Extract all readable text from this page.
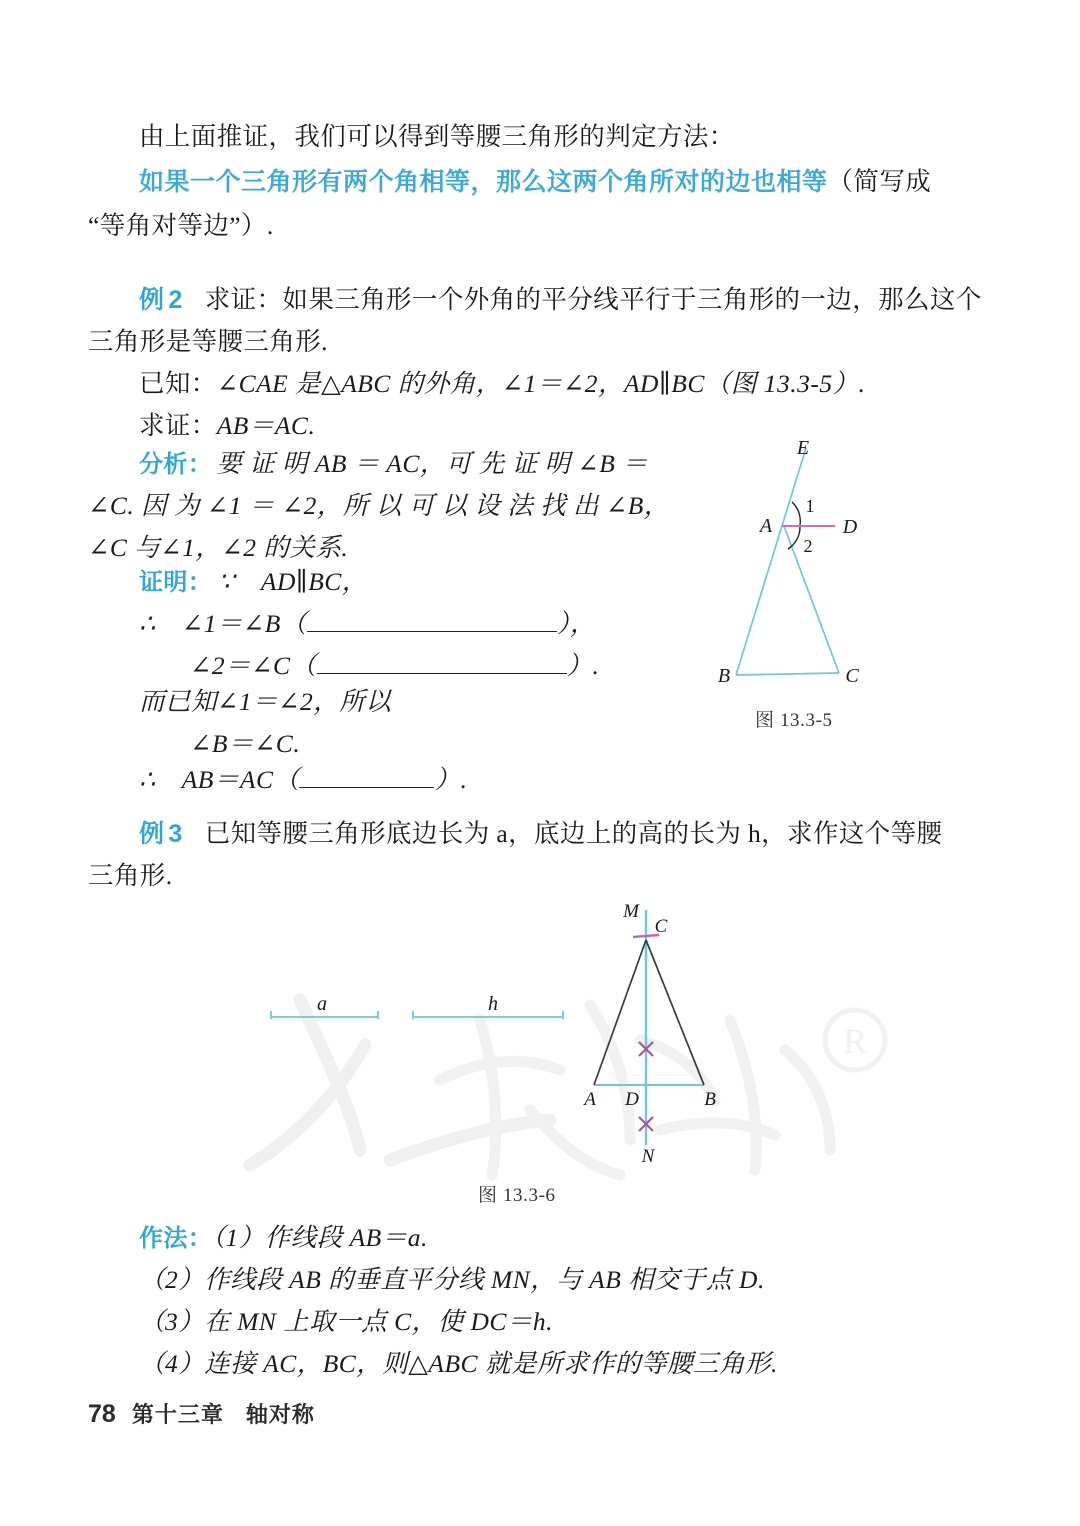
R
由上面推证，我们可以得到等腰三角形的判定方法：
如果一个三角形有两个角相等，那么这两个角所对的边也相等（简写成
“等角对等边”）.
例 2 求证：如果三角形一个外角的平分线平行于三角形的一边，那么这个
三角形是等腰三角形.
已知：∠CAE 是△ABC 的外角，∠1＝∠2，AD∥BC（图 13.3-5）.
求证：AB＝AC.
分析： 要 证 明 AB ＝ AC，可 先 证 明 ∠B ＝
∠C. 因 为 ∠1 ＝ ∠2，所 以 可 以 设 法 找 出 ∠B，
∠C 与∠1，∠2 的关系.
证明： ∵　AD∥BC，
∴　∠1＝∠B（	），
∠2＝∠C（	）.
而已知∠1＝∠2，所以
∠B＝∠C.
∴　AB＝AC（	）.
E
A	D
B	C
1
2
图 13.3-5
例 3 已知等腰三角形底边长为 a，底边上的高的长为 h，求作这个等腰
三角形.
a	h
M
C
A D	B
N
图 13.3-6
作法：（1）作线段 AB＝a.
（2）作线段 AB 的垂直平分线 MN，与 AB 相交于点 D.
（3）在 MN 上取一点 C，使 DC＝h.
（4）连接 AC，BC，则△ABC 就是所求作的等腰三角形.
78 第十三章 轴对称
